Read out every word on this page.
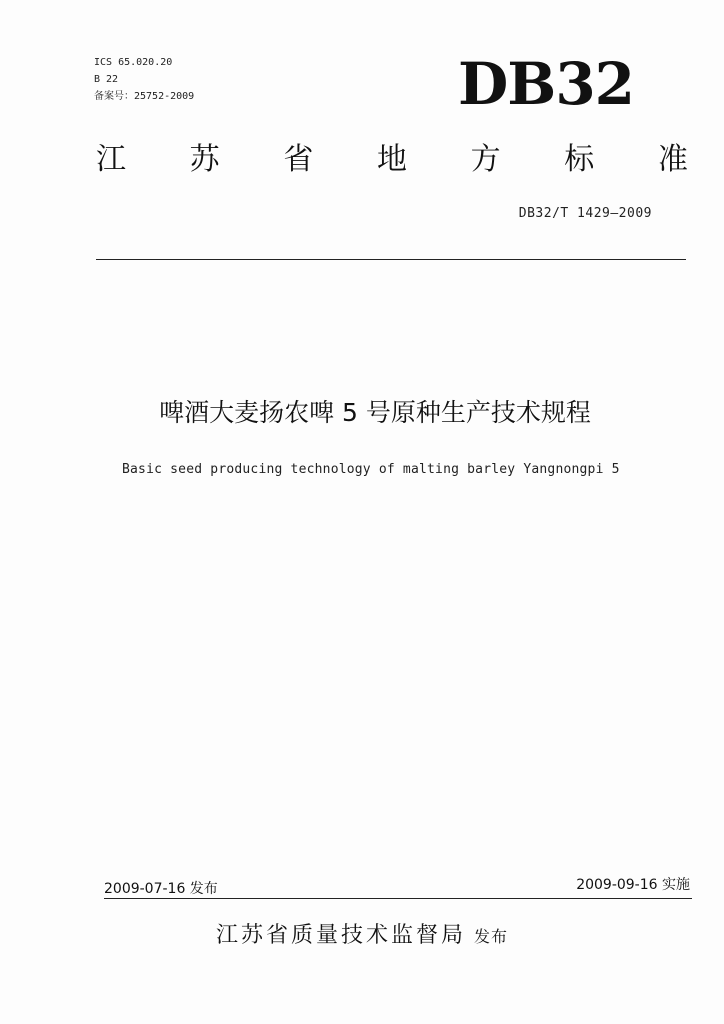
ICS 65.020.20
B 22
备案号：25752-2009	DB32
江 苏 省 地 方 标 准
DB32/T 1429—2009
啤酒大麦扬农啤 5 号原种生产技术规程
Basic seed producing technology of malting barley Yangnongpi 5
2009-07-16 发布	2009-09-16 实施
江苏省质量技术监督局 发布
